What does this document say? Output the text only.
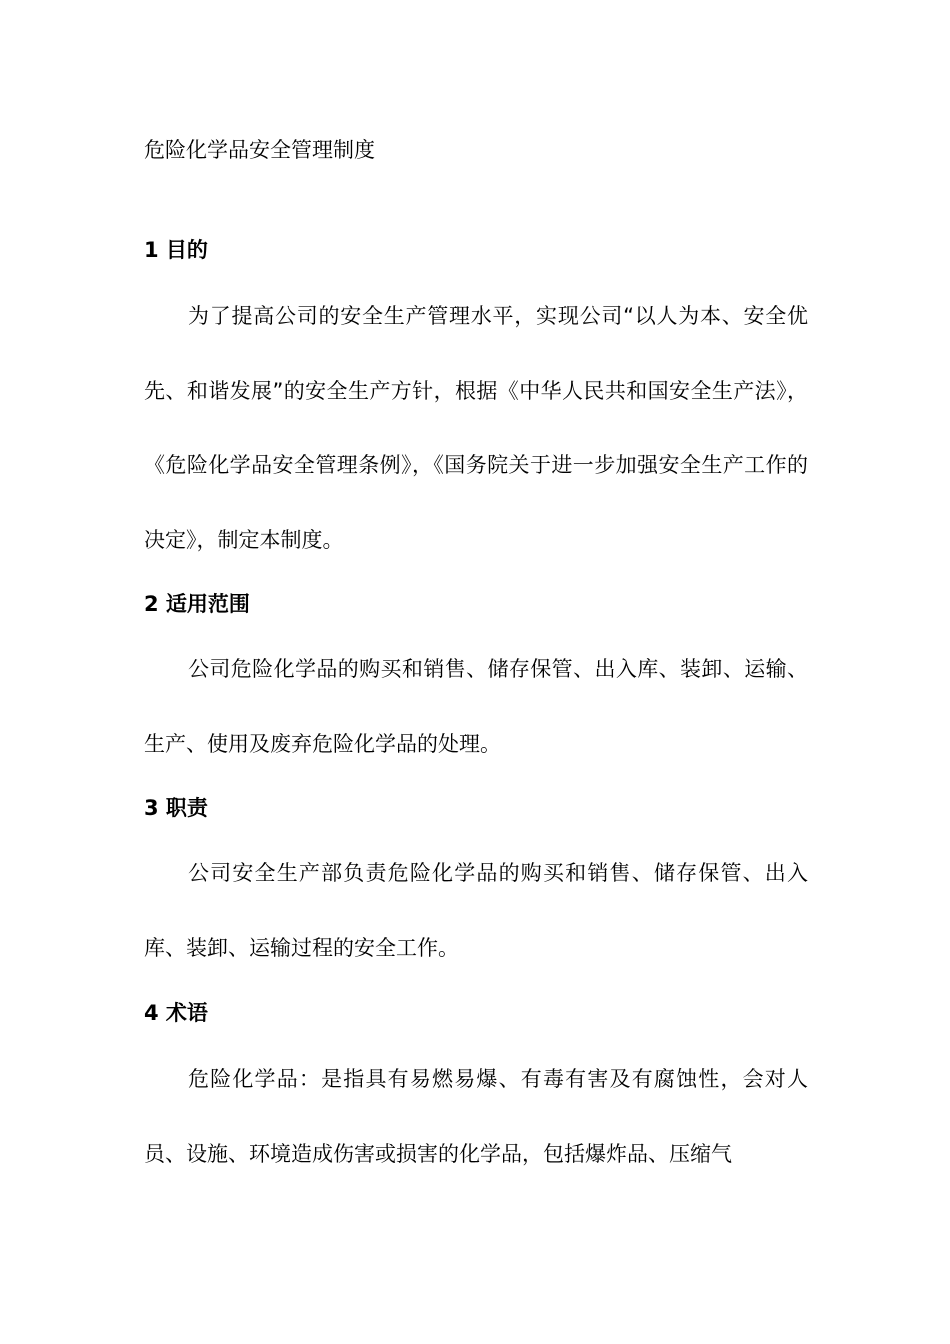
危险化学品安全管理制度
1 目的

为了提高公司的安全生产管理水平，实现公司“以人为本、安全优先、和谐发展”的安全生产方针，根据《中华人民共和国安全生产法》，《危险化学品安全管理条例》，《国务院关于进一步加强安全生产工作的决定》，制定本制度。

2 适用范围

公司危险化学品的购买和销售、储存保管、出入库、装卸、运输、生产、使用及废弃危险化学品的处理。

3 职责

公司安全生产部负责危险化学品的购买和销售、储存保管、出入库、装卸、运输过程的安全工作。

4 术语

危险化学品：是指具有易燃易爆、有毒有害及有腐蚀性，会对人员、设施、环境造成伤害或损害的化学品，包括爆炸品、压缩气
